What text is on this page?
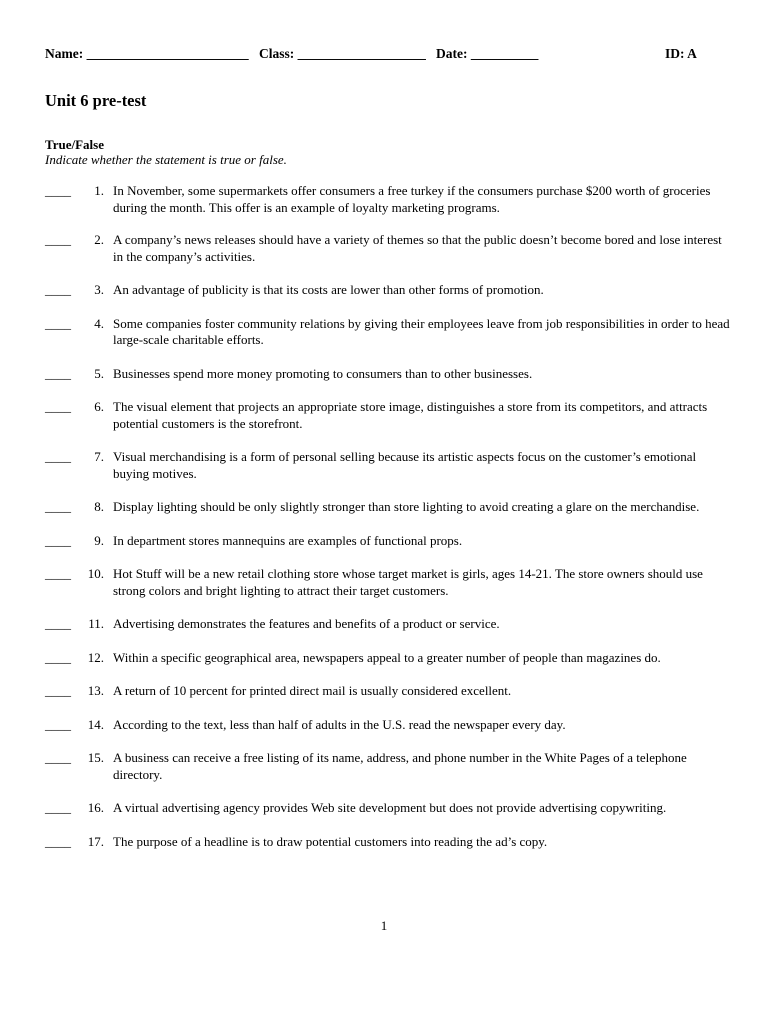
Name: ________________________ Class: ___________________ Date: __________	ID: A
Unit 6 pre-test
True/False
Indicate whether the statement is true or false.
____	1. In November, some supermarkets offer consumers a free turkey if the consumers purchase $200 worth of groceries during the month. This offer is an example of loyalty marketing programs.
____	2. A company’s news releases should have a variety of themes so that the public doesn’t become bored and lose interest in the company’s activities.
____	3. An advantage of publicity is that its costs are lower than other forms of promotion.
____	4. Some companies foster community relations by giving their employees leave from job responsibilities in order to head large-scale charitable efforts.
____	5. Businesses spend more money promoting to consumers than to other businesses.
____	6. The visual element that projects an appropriate store image, distinguishes a store from its competitors, and attracts potential customers is the storefront.
____	7. Visual merchandising is a form of personal selling because its artistic aspects focus on the customer’s emotional buying motives.
____	8. Display lighting should be only slightly stronger than store lighting to avoid creating a glare on the merchandise.
____	9. In department stores mannequins are examples of functional props.
____	10. Hot Stuff will be a new retail clothing store whose target market is girls, ages 14-21. The store owners should use strong colors and bright lighting to attract their target customers.
____	11. Advertising demonstrates the features and benefits of a product or service.
____	12. Within a specific geographical area, newspapers appeal to a greater number of people than magazines do.
____	13. A return of 10 percent for printed direct mail is usually considered excellent.
____	14. According to the text, less than half of adults in the U.S. read the newspaper every day.
____	15. A business can receive a free listing of its name, address, and phone number in the White Pages of a telephone directory.
____	16. A virtual advertising agency provides Web site development but does not provide advertising copywriting.
____	17. The purpose of a headline is to draw potential customers into reading the ad’s copy.
1
